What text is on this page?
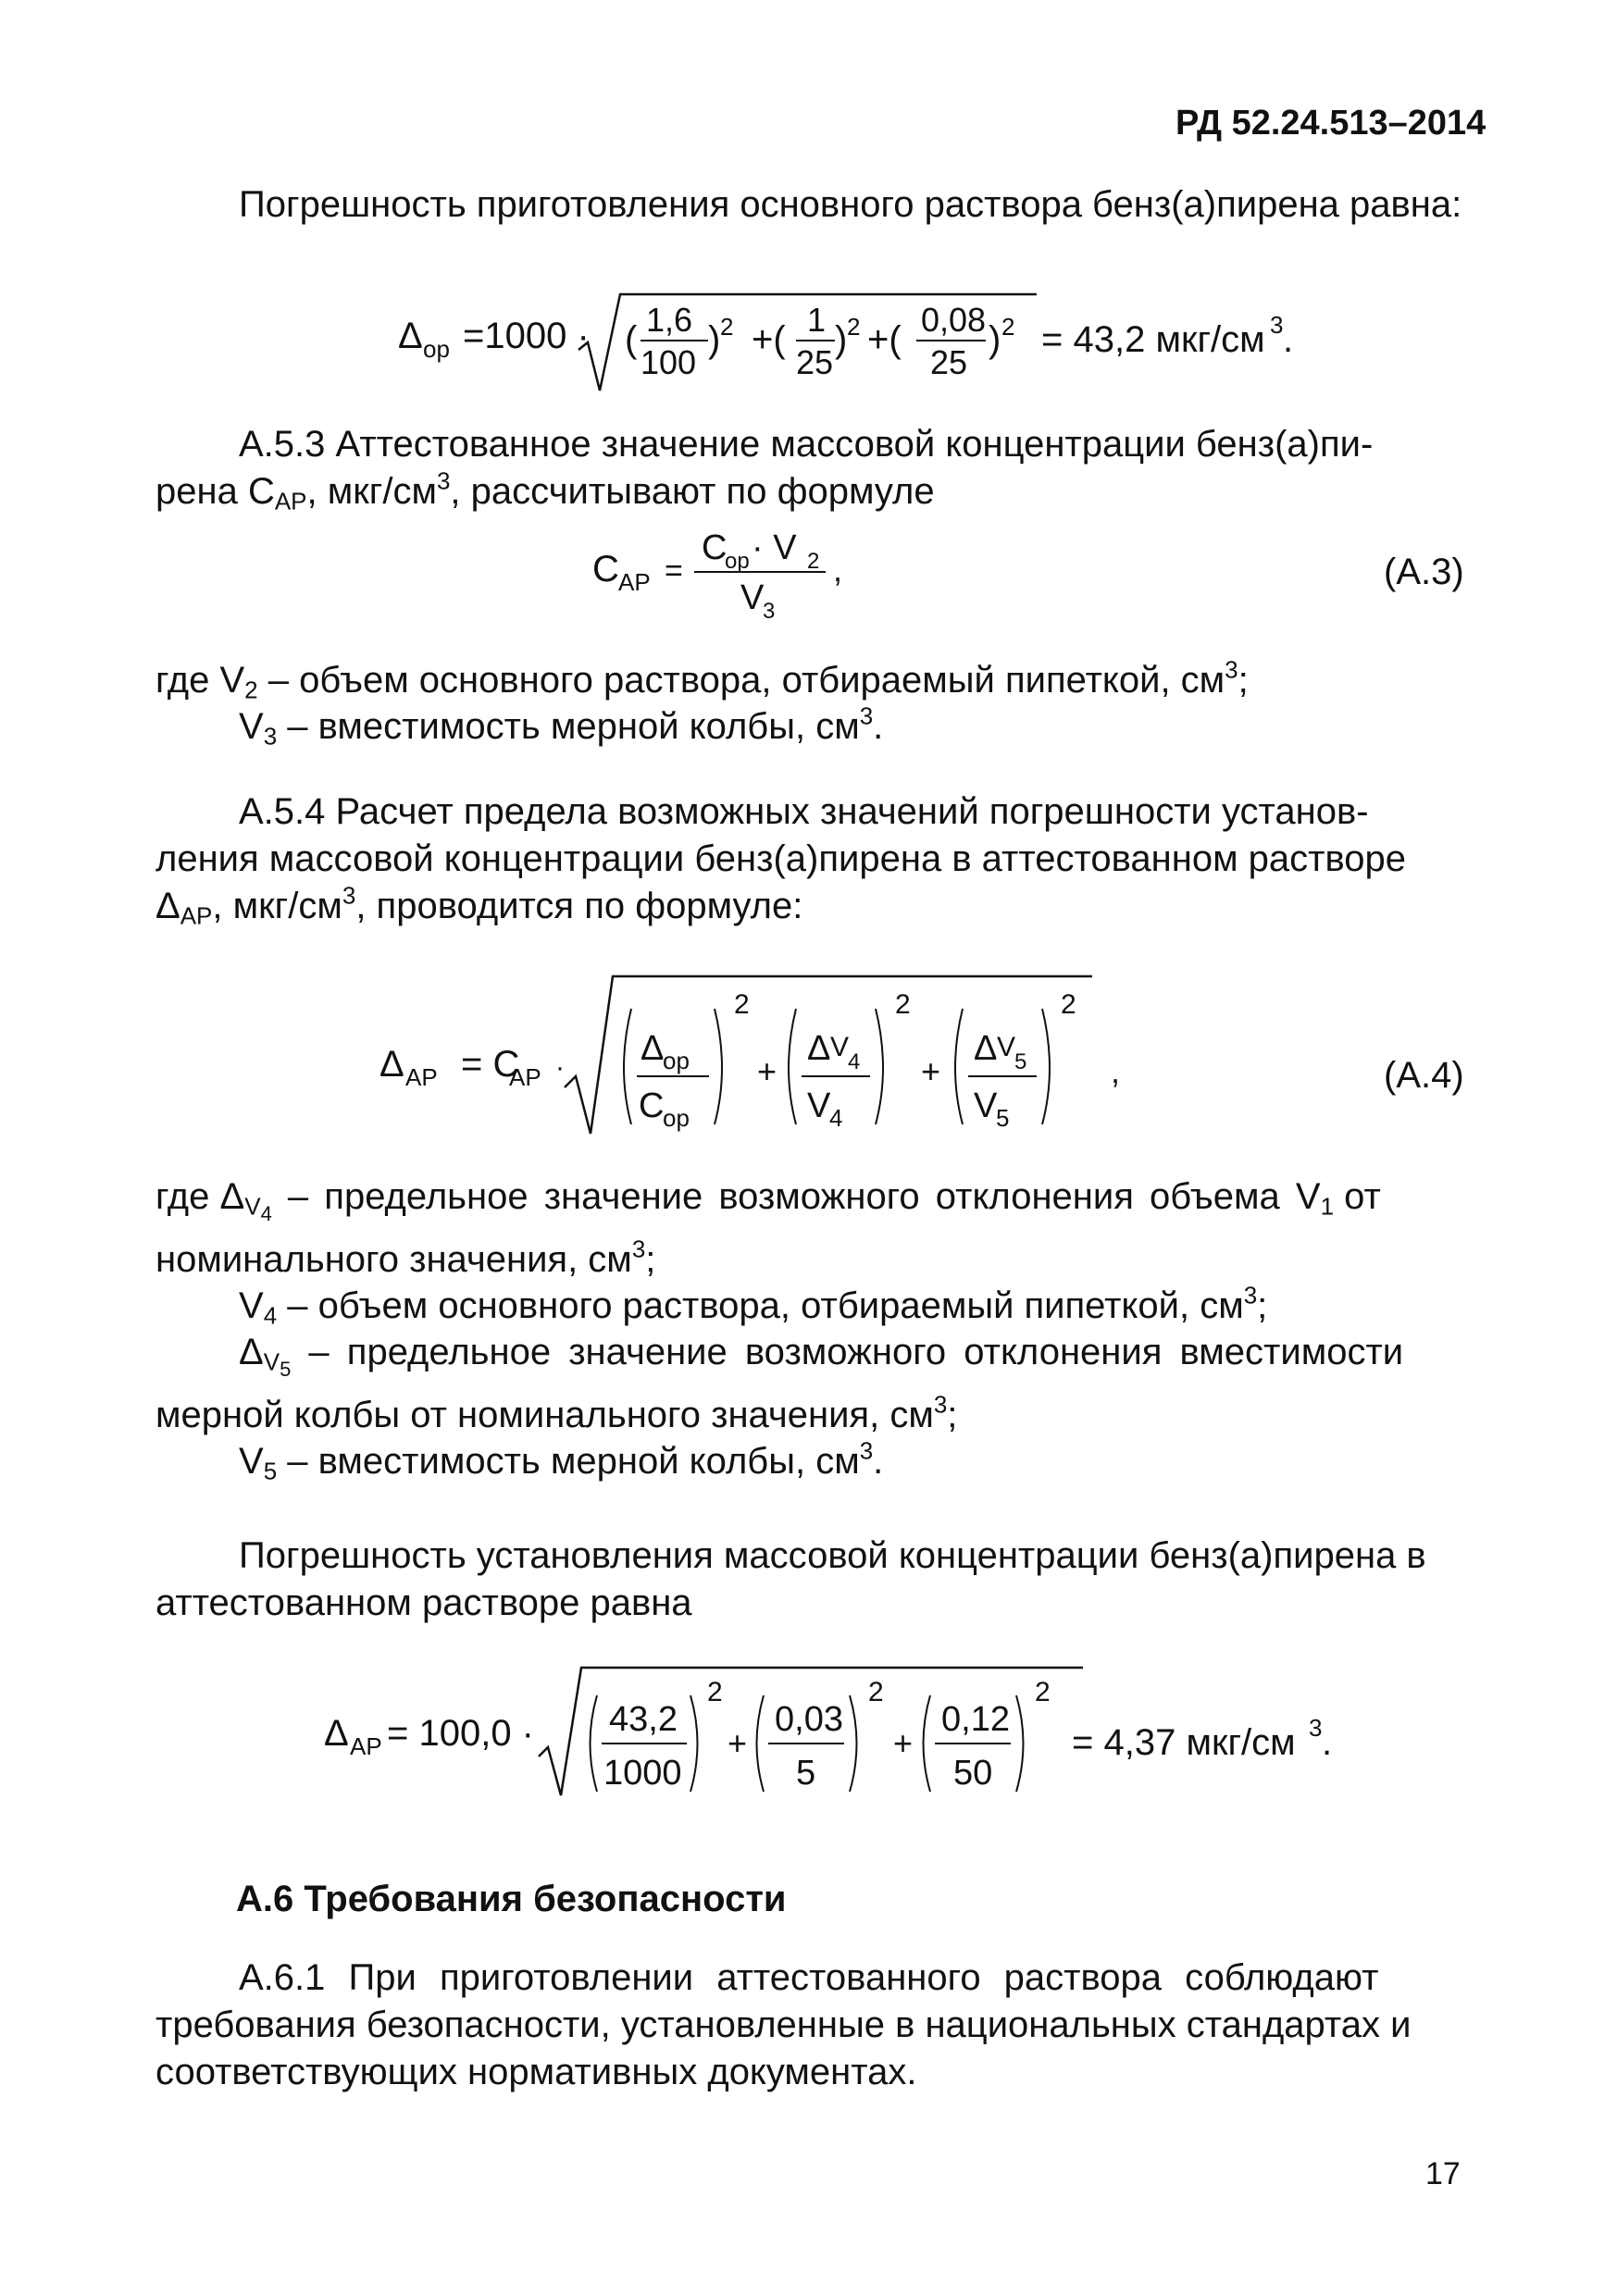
РД 52.24.513–2014
Погрешность приготовления основного раствора бенз(а)пирена равна:
Δ ор =1000 · ( 1,6
100
) 2 +( 1
25
) 2 +( 0,08
25
) 2 = 43,2 мкг/см 3 .
А.5.3 Аттестованное значение массовой концентрации бенз(а)пи-
рена $С_{АР}$, мкг/$см^3$, рассчитывают по формуле
С АР =
С
ор · V 2
V
3
,	(А.3)
где $V_2$ – объем основного раствора, отбираемый пипеткой, $см^3$;
$V_3$ – вместимость мерной колбы, $см^3$.
А.5.4 Расчет предела возможных значений погрешности установ-
ления массовой концентрации бенз(а)пирена в аттестованном растворе
$\Delta_{АР}$, мкг/$см^3$, проводится по формуле:
Δ АР = С
АР · Δ
ор
С
ор
2
+
Δ V
4
V
4
2
+
Δ V
5
V
5
2
,	(А.4)
где $\Delta_{V4}$ – предельное значение возможного отклонения объема $V_1$ от
номинального значения, $см^3$;
$V_4$ – объем основного раствора, отбираемый пипеткой, $см^3$;
$\Delta_{V5}$ – предельное значение возможного отклонения вместимости
мерной колбы от номинального значения, $см^3$;
$V_5$ – вместимость мерной колбы, $см^3$.
Погрешность установления массовой концентрации бенз(а)пирена в
аттестованном растворе равна
Δ АР = 100,0 · 43,2
1000
2
+
0,03
5
2
+
0,12
50
2
= 4,37 мкг/см 3 .
А.6 Требования безопасности
А.6.1 При приготовлении аттестованного раствора соблюдают
требования безопасности, установленные в национальных стандартах и
соответствующих нормативных документах.
17
